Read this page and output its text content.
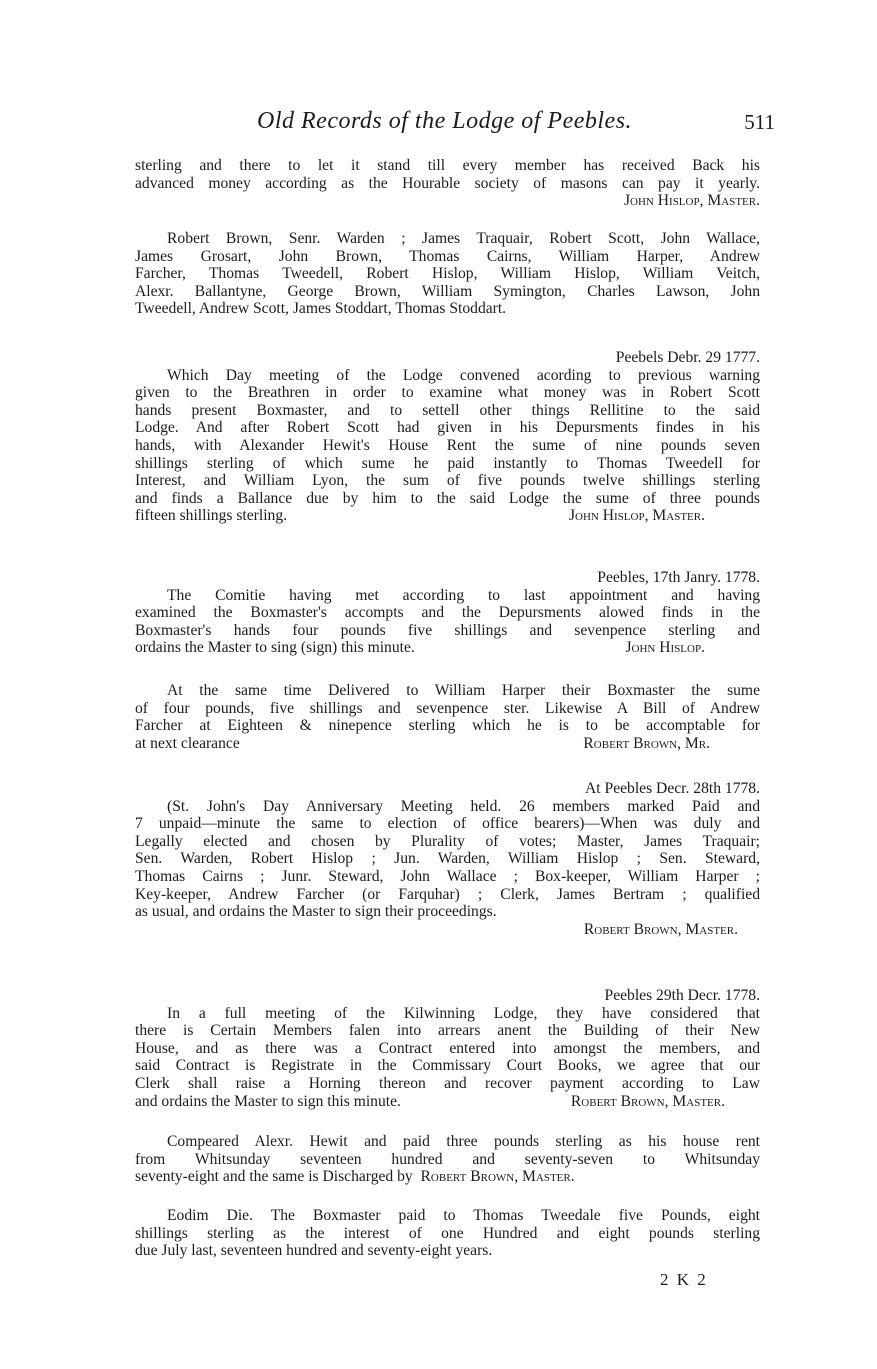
Old Records of the Lodge of Peebles.	511
sterling and there to let it stand till every member has received Back his
advanced money according as the Hourable society of masons can pay it yearly.
John Hislop, Master.
Robert Brown, Senr. Warden ; James Traquair, Robert Scott, John Wallace,
James Grosart, John Brown, Thomas Cairns, William Harper, Andrew
Farcher, Thomas Tweedell, Robert Hislop, William Hislop, William Veitch,
Alexr. Ballantyne, George Brown, William Symington, Charles Lawson, John
Tweedell, Andrew Scott, James Stoddart, Thomas Stoddart.
Peebels Debr. 29 1777.
Which Day meeting of the Lodge convened acording to previous warning
given to the Breathren in order to examine what money was in Robert Scott
hands present Boxmaster, and to settell other things Rellitine to the said
Lodge. And after Robert Scott had given in his Depursments findes in his
hands, with Alexander Hewit's House Rent the sume of nine pounds seven
shillings sterling of which sume he paid instantly to Thomas Tweedell for
Interest, and William Lyon, the sum of five pounds twelve shillings sterling
and finds a Ballance due by him to the said Lodge the sume of three pounds
fifteen shillings sterling.	John Hislop, Master.
Peebles, 17th Janry. 1778.
The Comitie having met according to last appointment and having
examined the Boxmaster's accompts and the Depursments alowed finds in the
Boxmaster's hands four pounds five shillings and sevenpence sterling and
ordains the Master to sing (sign) this minute.	John Hislop.
At the same time Delivered to William Harper their Boxmaster the sume
of four pounds, five shillings and sevenpence ster. Likewise A Bill of Andrew
Farcher at Eighteen & ninepence sterling which he is to be accomptable for
at next clearance	Robert Brown, Mr.
At Peebles Decr. 28th 1778.
(St. John's Day Anniversary Meeting held. 26 members marked Paid and
7 unpaid—minute the same to election of office bearers)—When was duly and
Legally elected and chosen by Plurality of votes; Master, James Traquair;
Sen. Warden, Robert Hislop ; Jun. Warden, William Hislop ; Sen. Steward,
Thomas Cairns ; Junr. Steward, John Wallace ; Box-keeper, William Harper ;
Key-keeper, Andrew Farcher (or Farquhar) ; Clerk, James Bertram ; qualified
as usual, and ordains the Master to sign their proceedings.
Robert Brown, Master.
Peebles 29th Decr. 1778.
In a full meeting of the Kilwinning Lodge, they have considered that
there is Certain Members falen into arrears anent the Building of their New
House, and as there was a Contract entered into amongst the members, and
said Contract is Registrate in the Commissary Court Books, we agree that our
Clerk shall raise a Horning thereon and recover payment according to Law
and ordains the Master to sign this minute.	Robert Brown, Master.
Compeared Alexr. Hewit and paid three pounds sterling as his house rent
from Whitsunday seventeen hundred and seventy-seven to Whitsunday
seventy-eight and the same is Discharged by Robert Brown, Master.
Eodim Die. The Boxmaster paid to Thomas Tweedale five Pounds, eight
shillings sterling as the interest of one Hundred and eight pounds sterling
due July last, seventeen hundred and seventy-eight years.
2 K 2
